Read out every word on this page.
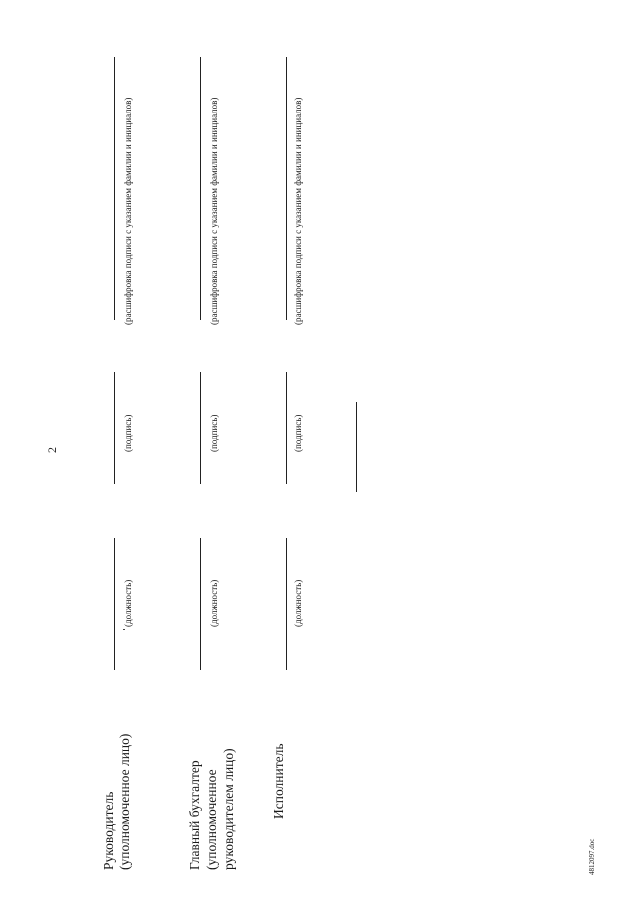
2
Руководитель (уполномоченное лицо)
(должность)
(подпись)
(расшифровка подписи с указанием фамилии и инициалов)
Главный бухгалтер (уполномоченное руководителем лицо)
(должность)
(подпись)
(расшифровка подписи с указанием фамилии и инициалов)
Исполнитель
(должность)
(подпись)
(расшифровка подписи с указанием фамилии и инициалов)
4812097.doc
